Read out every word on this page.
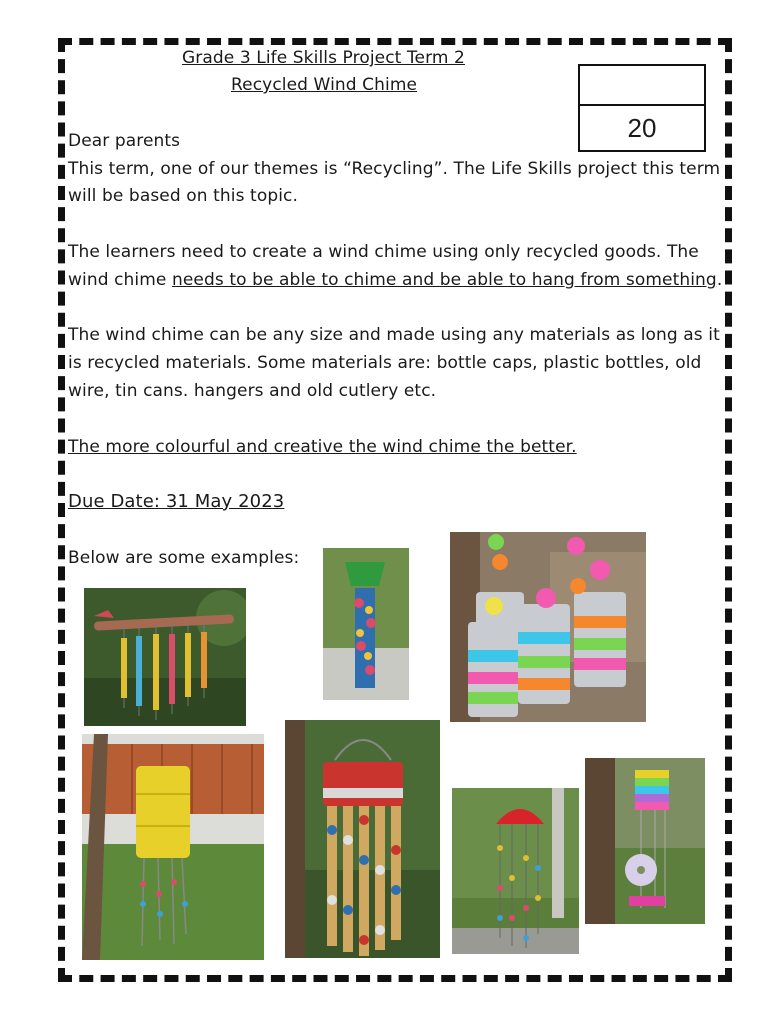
Grade 3 Life Skills Project Term 2
Recycled Wind Chime
20
Dear parents
This term, one of our themes is “Recycling”. The Life Skills project this term
will be based on this topic.
The learners need to create a wind chime using only recycled goods. The
wind chime needs to be able to chime and be able to hang from something.
The wind chime can be any size and made using any materials as long as it
is recycled materials. Some materials are: bottle caps, plastic bottles, old
wire, tin cans. hangers and old cutlery etc.
The more colourful and creative the wind chime the better.
Due Date: 31 May 2023
Below are some examples:
